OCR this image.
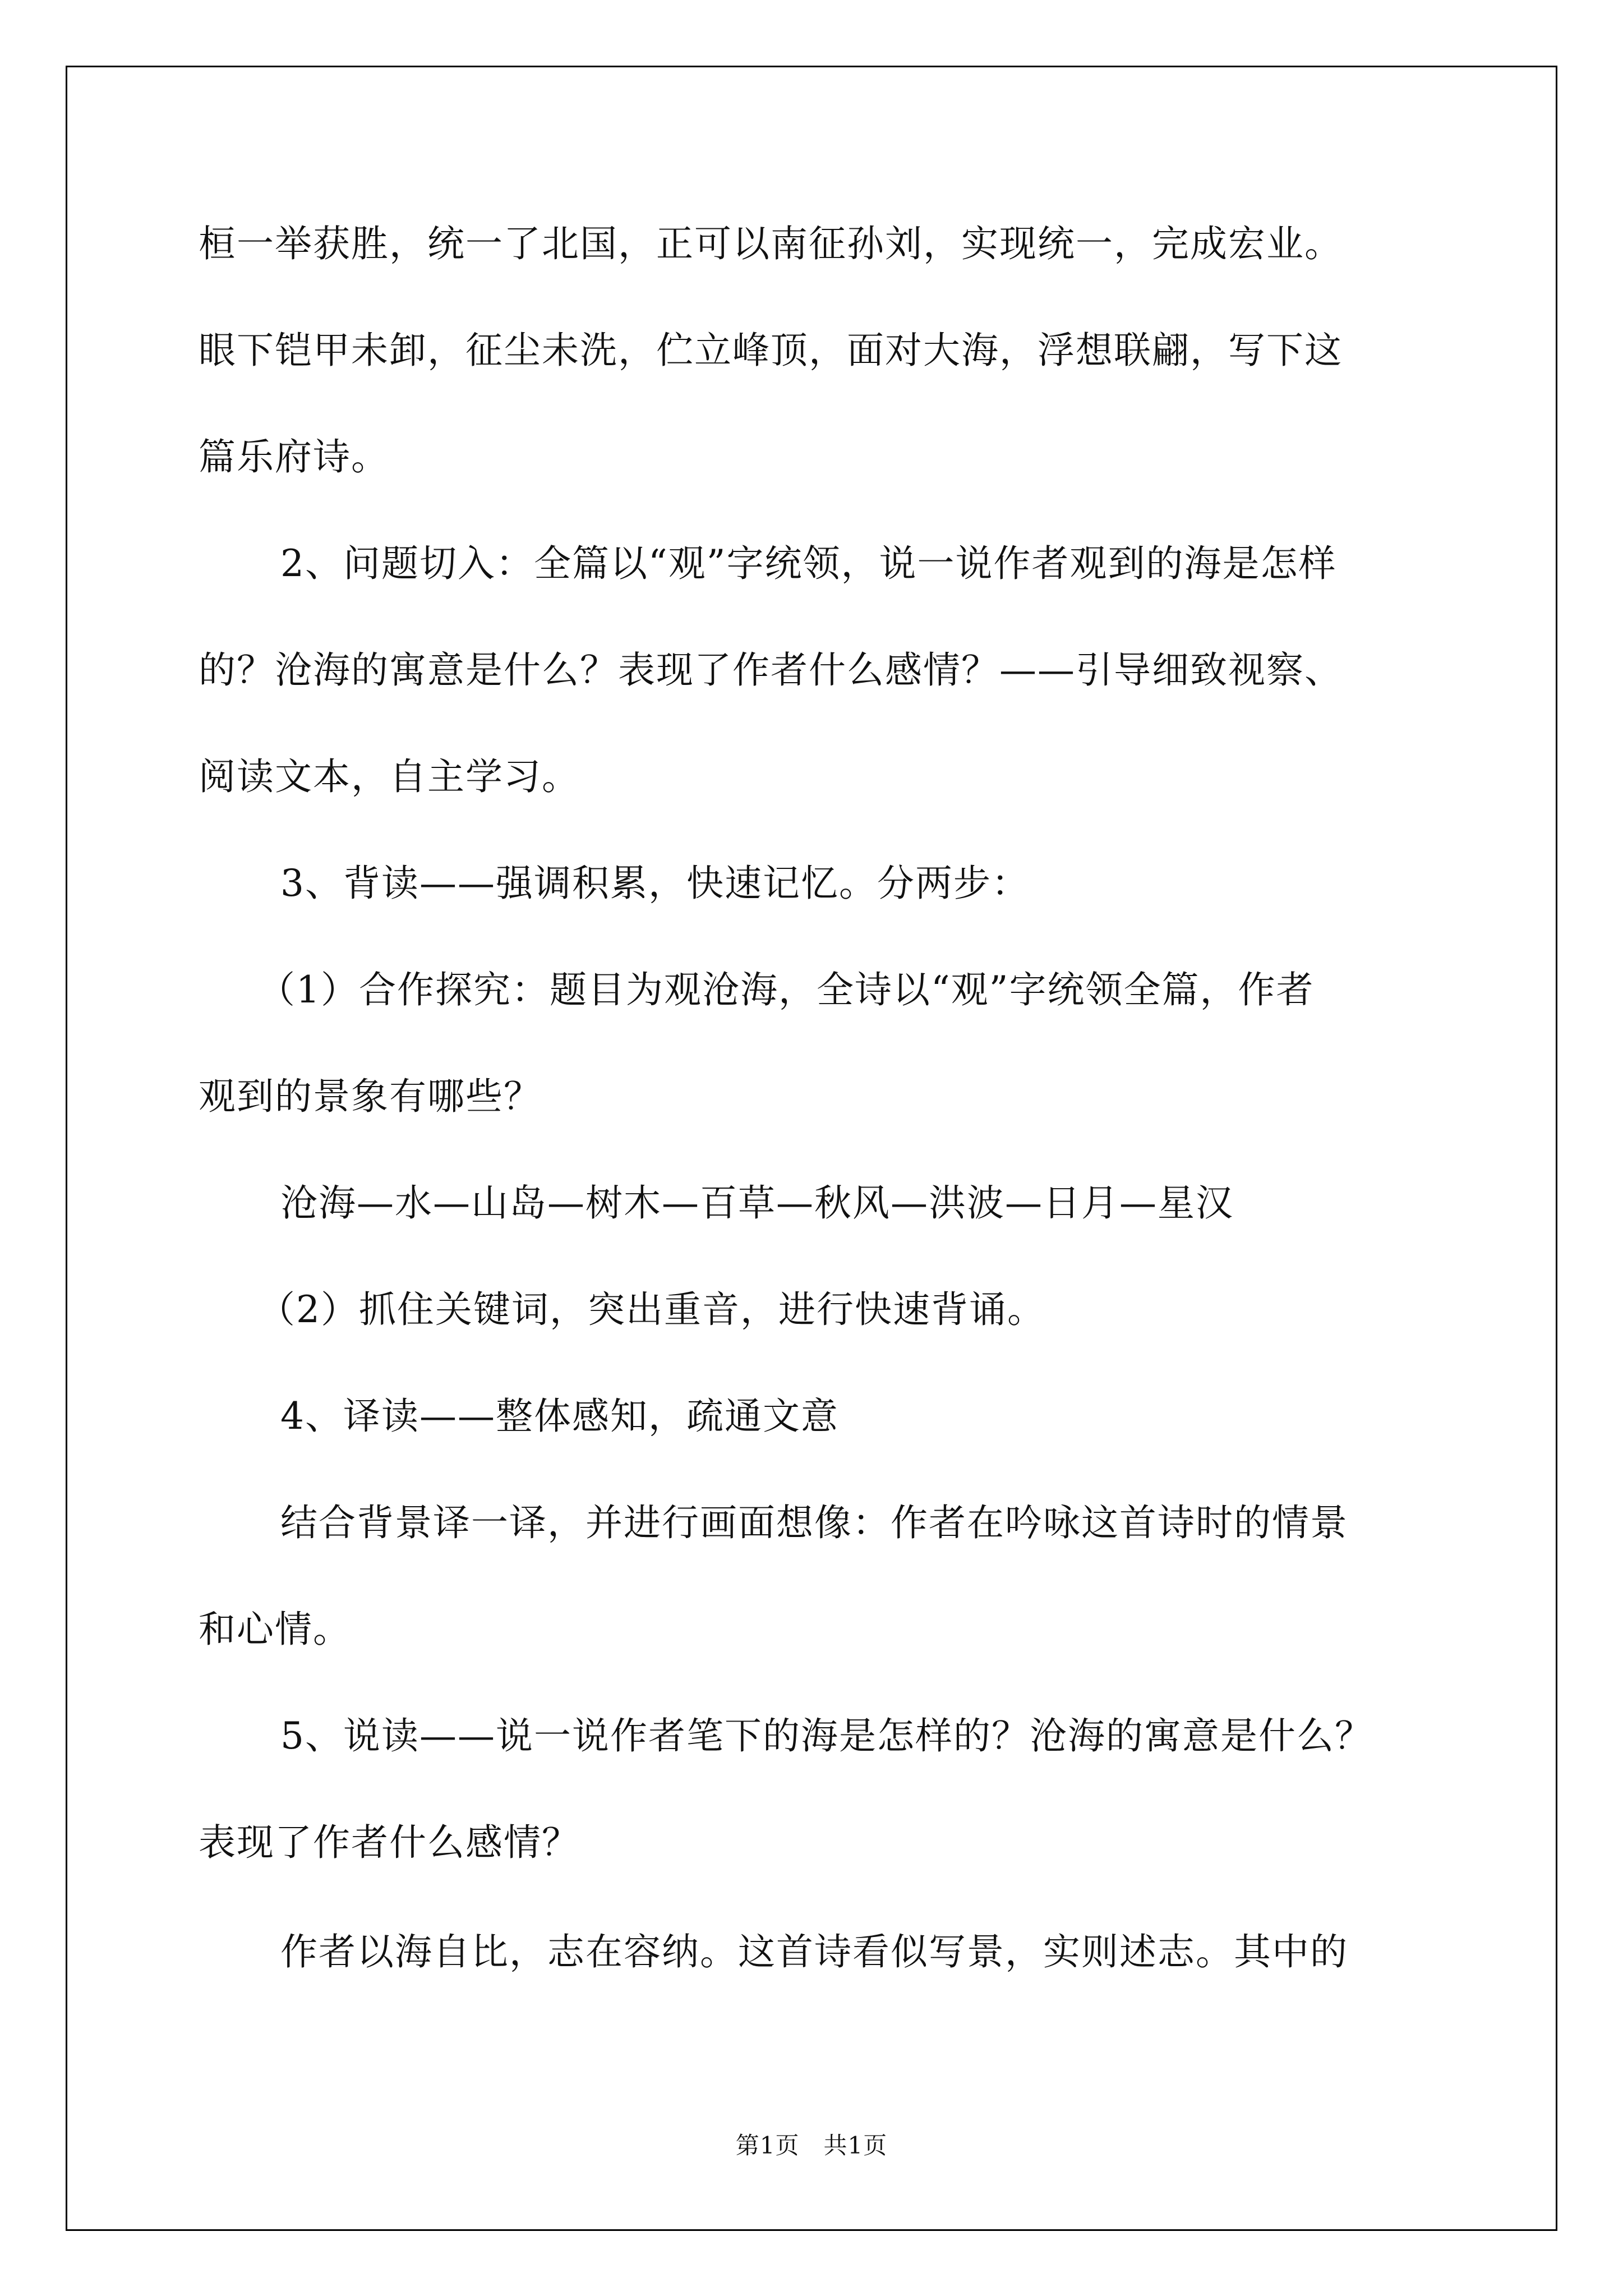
桓一举获胜，统一了北国，正可以南征孙刘，实现统一，完成宏业。
眼下铠甲未卸，征尘未洗，伫立峰顶，面对大海，浮想联翩，写下这
篇乐府诗。
2、问题切入：全篇以“观”字统领，说一说作者观到的海是怎样
的？沧海的寓意是什么？表现了作者什么感情？——引导细致视察、
阅读文本，自主学习。
3、背读——强调积累，快速记忆。分两步：
（1）合作探究：题目为观沧海，全诗以“观”字统领全篇，作者
观到的景象有哪些？
沧海—水—山岛—树木—百草—秋风—洪波—日月—星汉
（2）抓住关键词，突出重音，进行快速背诵。
4、译读——整体感知，疏通文意
结合背景译一译，并进行画面想像：作者在吟咏这首诗时的情景
和心情。
5、说读——说一说作者笔下的海是怎样的？沧海的寓意是什么？
表现了作者什么感情？
作者以海自比，志在容纳。这首诗看似写景，实则述志。其中的
第1页　共1页
